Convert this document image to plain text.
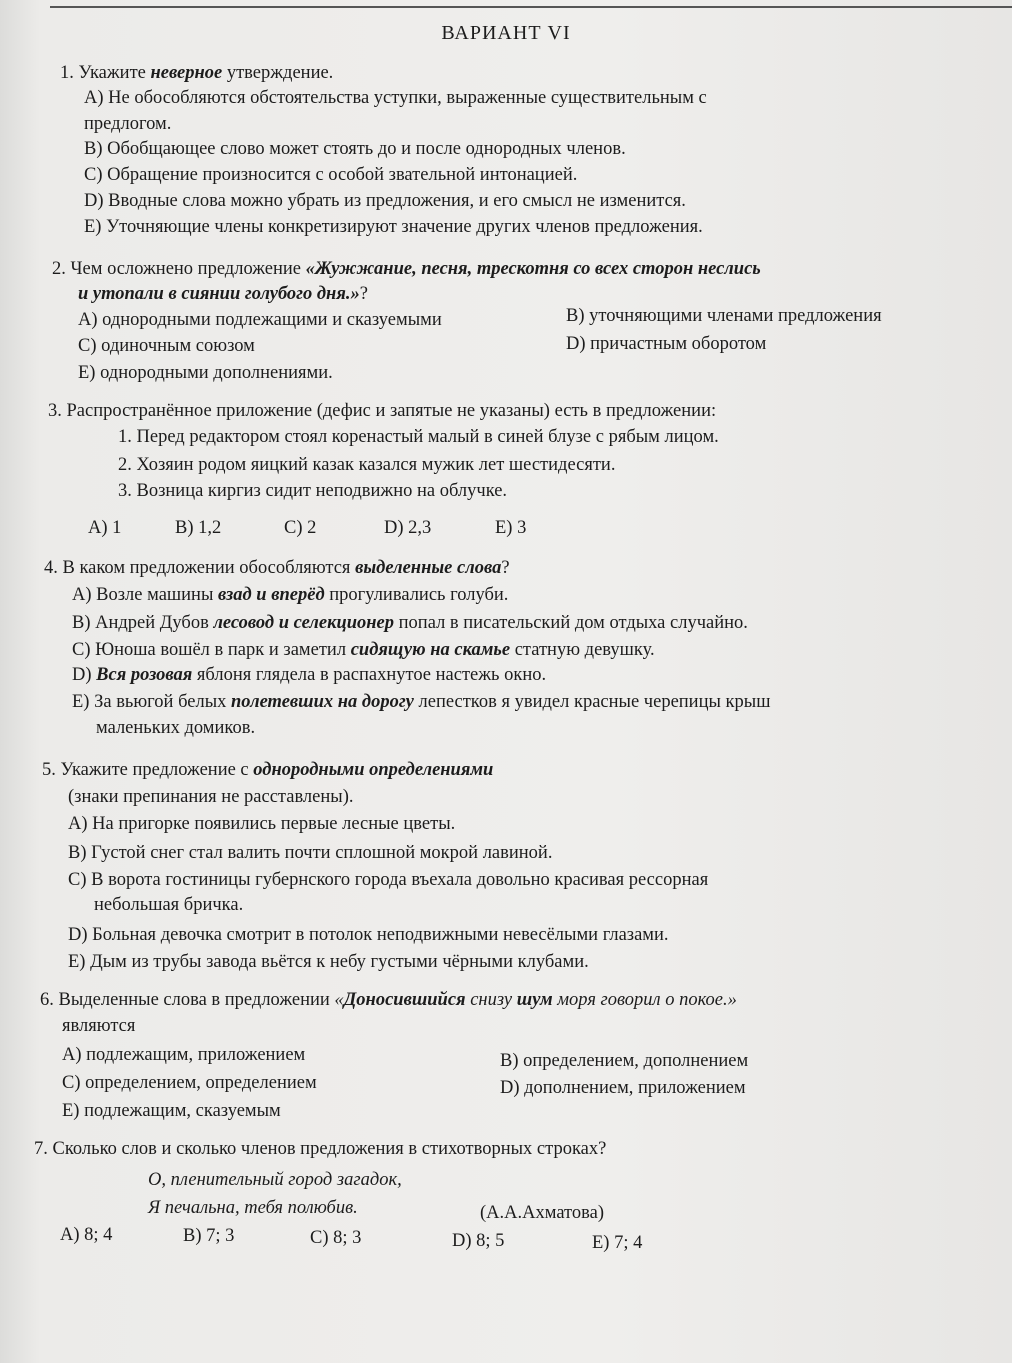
ВАРИАНТ VI
1. Укажите неверное утверждение.
A) Не обособляются обстоятельства уступки, выраженные существительным с
предлогом.
B) Обобщающее слово может стоять до и после однородных членов.
C) Обращение произносится с особой звательной интонацией.
D) Вводные слова можно убрать из предложения, и его смысл не изменится.
E) Уточняющие члены конкретизируют значение других членов предложения.
2. Чем осложнено предложение «Жужжание, песня, трескотня со всех сторон неслись
и утопали в сиянии голубого дня.»?
A) однородными подлежащими и сказуемыми	B) уточняющими членами предложения
C) одиночным союзом	D) причастным оборотом
E) однородными дополнениями.
3. Распространённое приложение (дефис и запятые не указаны) есть в предложении:
1. Перед редактором стоял коренастый малый в синей блузе с рябым лицом.
2. Хозяин родом яицкий казак казался мужик лет шестидесяти.
3. Возница киргиз сидит неподвижно на облучке.
A) 1	B) 1,2	C) 2	D) 2,3	E) 3
4. В каком предложении обособляются выделенные слова?
A) Возле машины взад и вперёд прогуливались голуби.
B) Андрей Дубов лесовод и селекционер попал в писательский дом отдыха случайно.
C) Юноша вошёл в парк и заметил сидящую на скамье статную девушку.
D) Вся розовая яблоня глядела в распахнутое настежь окно.
E) За вьюгой белых полетевших на дорогу лепестков я увидел красные черепицы крыш
маленьких домиков.
5. Укажите предложение с однородными определениями
(знаки препинания не расставлены).
A) На пригорке появились первые лесные цветы.
B) Густой снег стал валить почти сплошной мокрой лавиной.
C) В ворота гостиницы губернского города въехала довольно красивая рессорная
небольшая бричка.
D) Больная девочка смотрит в потолок неподвижными невесёлыми глазами.
E) Дым из трубы завода вьётся к небу густыми чёрными клубами.
6. Выделенные слова в предложении «Доносившийся снизу шум моря говорил о покое.»
являются
A) подлежащим, приложением	B) определением, дополнением
C) определением, определением	D) дополнением, приложением
E) подлежащим, сказуемым
7. Сколько слов и сколько членов предложения в стихотворных строках?
О, пленительный город загадок,
Я печальна, тебя полюбив.	(А.А.Ахматова)
A) 8; 4	B) 7; 3	C) 8; 3	D) 8; 5	E) 7; 4
